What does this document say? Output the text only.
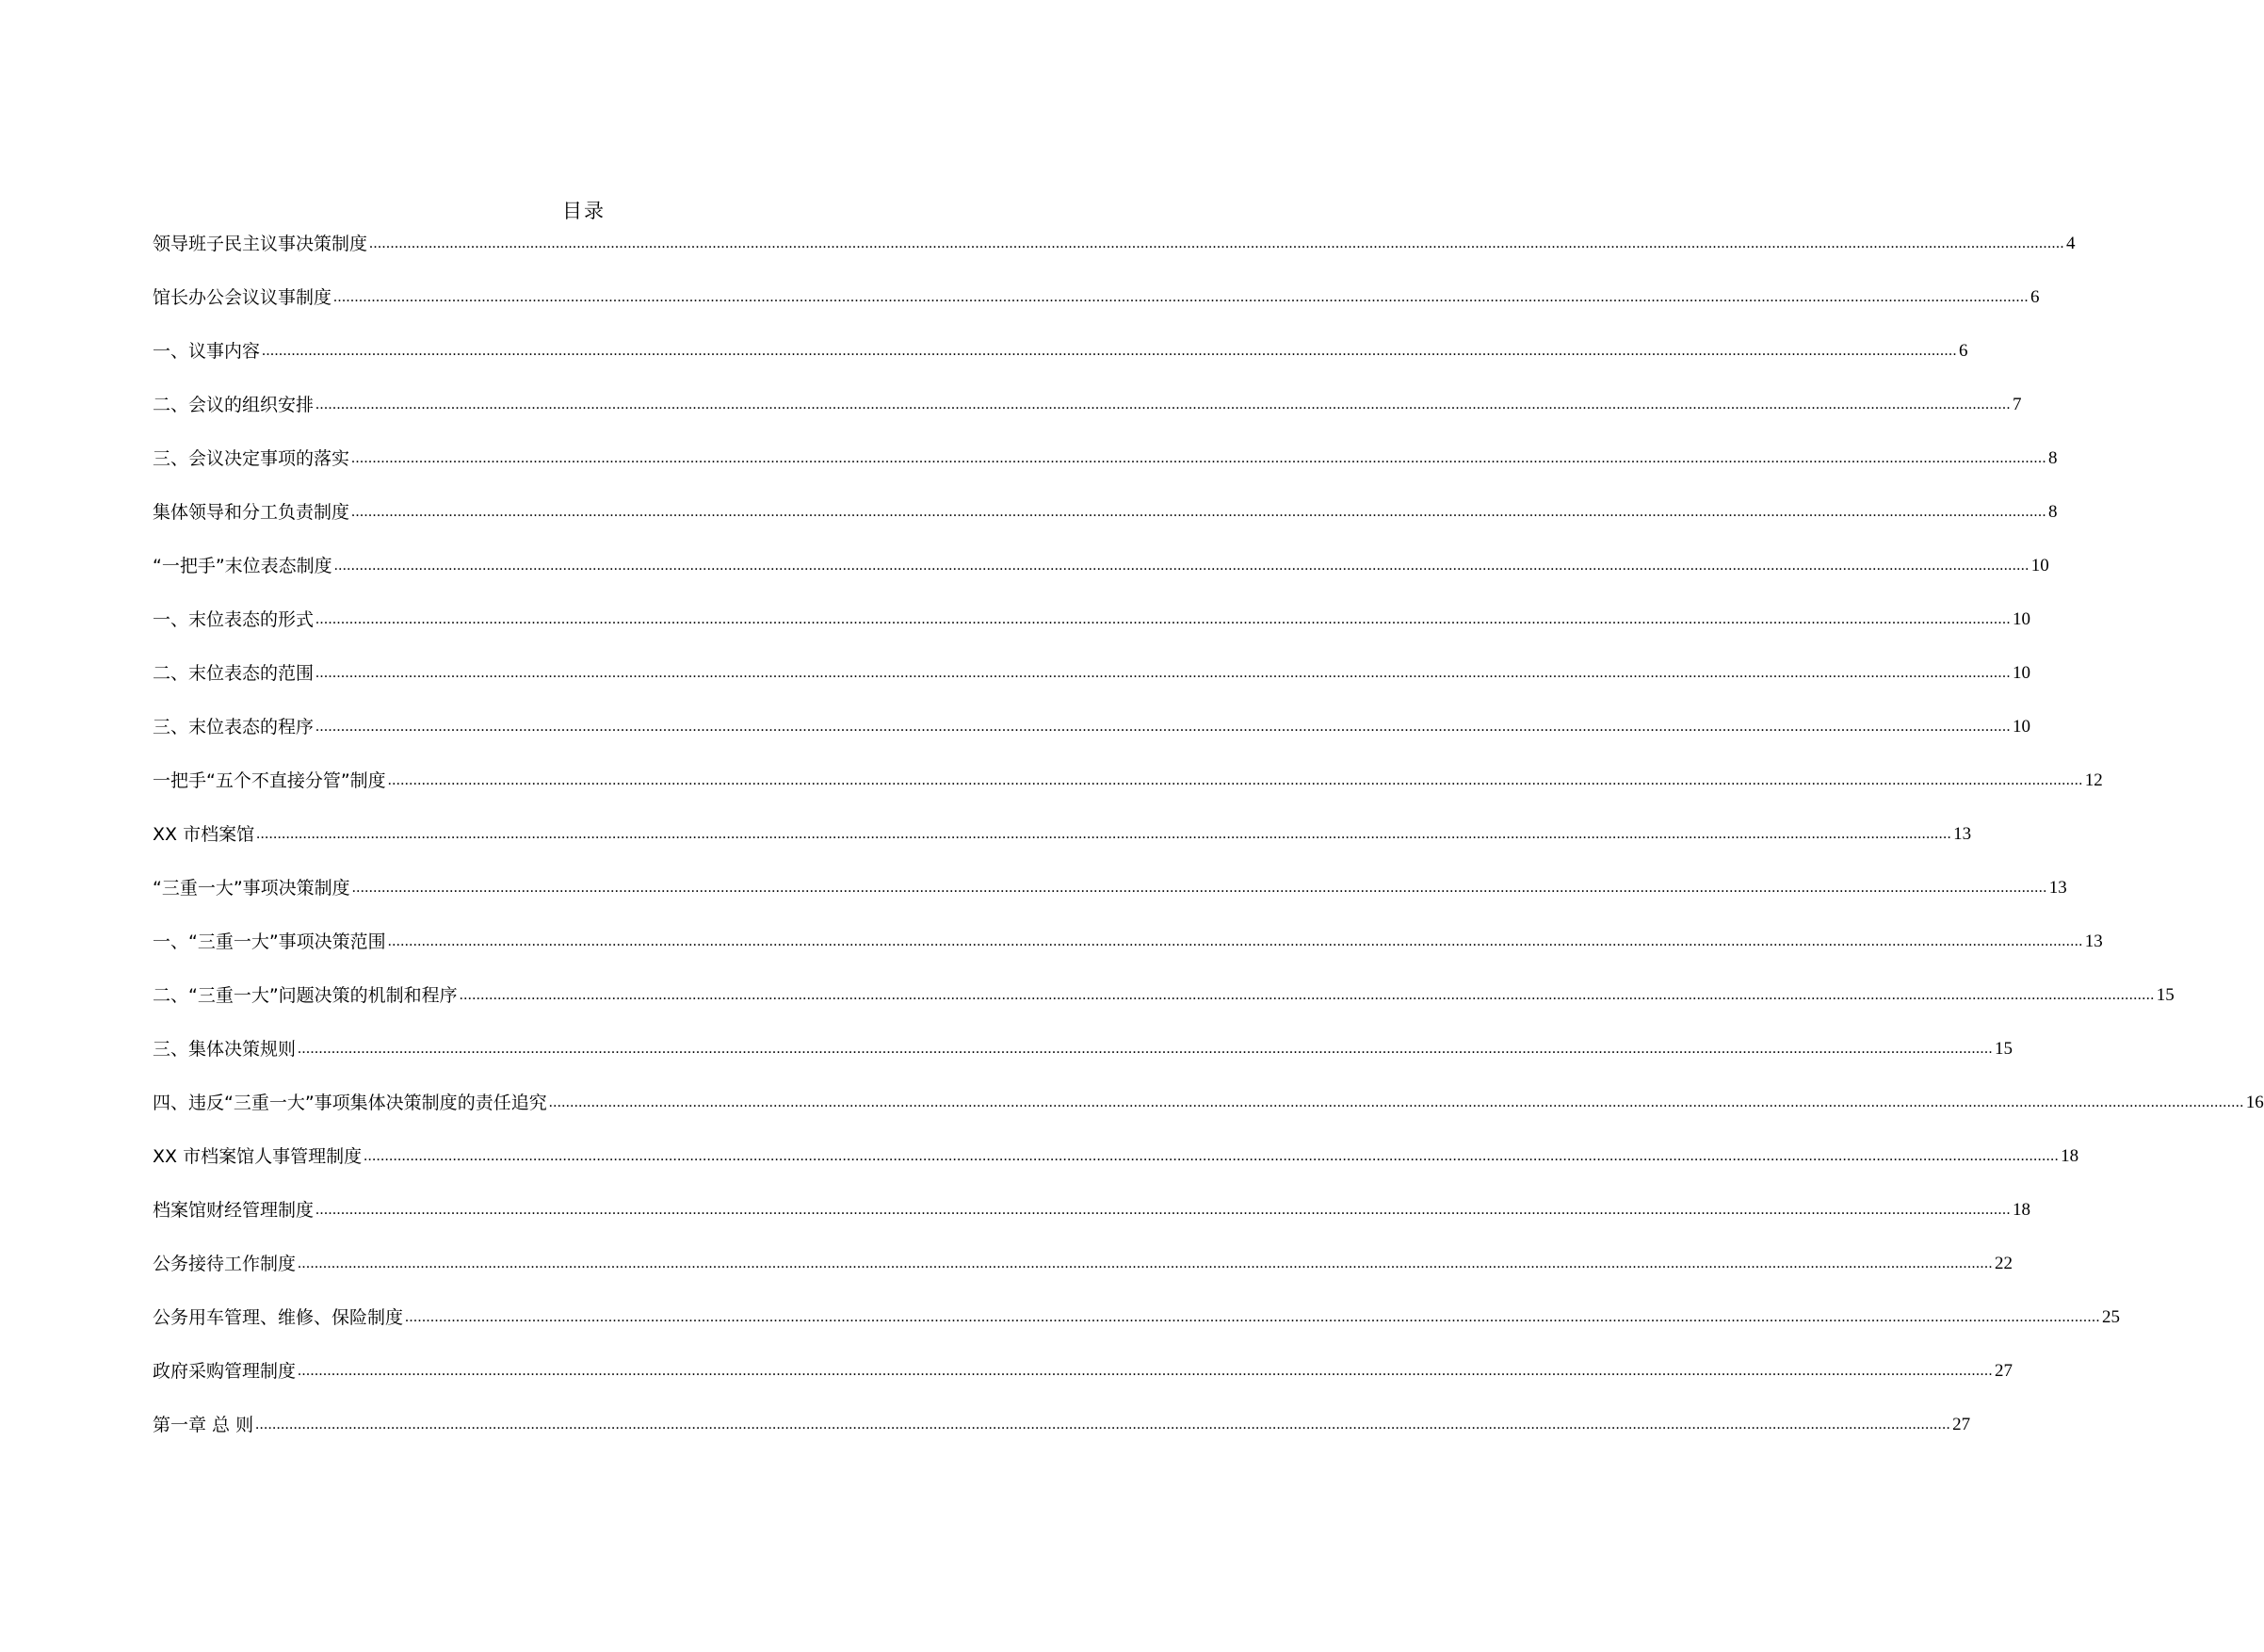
目录
领导班子民主议事决策制度 ................................................................................................................................................................................................................................................................................................................................................................................................................ 4
馆长办公会议议事制度 ................................................................................................................................................................................................................................................................................................................................................................................................................ 6
一、议事内容 ................................................................................................................................................................................................................................................................................................................................................................................................................ 6
二、会议的组织安排 ................................................................................................................................................................................................................................................................................................................................................................................................................ 7
三、会议决定事项的落实 ................................................................................................................................................................................................................................................................................................................................................................................................................ 8
集体领导和分工负责制度 ................................................................................................................................................................................................................................................................................................................................................................................................................ 8
“一把手”末位表态制度 ................................................................................................................................................................................................................................................................................................................................................................................................................ 10
一、末位表态的形式 ................................................................................................................................................................................................................................................................................................................................................................................................................ 10
二、末位表态的范围 ................................................................................................................................................................................................................................................................................................................................................................................................................ 10
三、末位表态的程序 ................................................................................................................................................................................................................................................................................................................................................................................................................ 10
一把手“五个不直接分管”制度 ................................................................................................................................................................................................................................................................................................................................................................................................................ 12
XX 市档案馆 ................................................................................................................................................................................................................................................................................................................................................................................................................ 13
“三重一大”事项决策制度 ................................................................................................................................................................................................................................................................................................................................................................................................................ 13
一、“三重一大”事项决策范围 ................................................................................................................................................................................................................................................................................................................................................................................................................ 13
二、“三重一大”问题决策的机制和程序 ................................................................................................................................................................................................................................................................................................................................................................................................................ 15
三、集体决策规则 ................................................................................................................................................................................................................................................................................................................................................................................................................ 15
四、违反“三重一大”事项集体决策制度的责任追究 ................................................................................................................................................................................................................................................................................................................................................................................................................ 16
XX 市档案馆人事管理制度 ................................................................................................................................................................................................................................................................................................................................................................................................................ 18
档案馆财经管理制度 ................................................................................................................................................................................................................................................................................................................................................................................................................ 18
公务接待工作制度 ................................................................................................................................................................................................................................................................................................................................................................................................................ 22
公务用车管理、维修、保险制度 ................................................................................................................................................................................................................................................................................................................................................................................................................ 25
政府采购管理制度 ................................................................................................................................................................................................................................................................................................................................................................................................................ 27
第一章 总 则 ................................................................................................................................................................................................................................................................................................................................................................................................................ 27
